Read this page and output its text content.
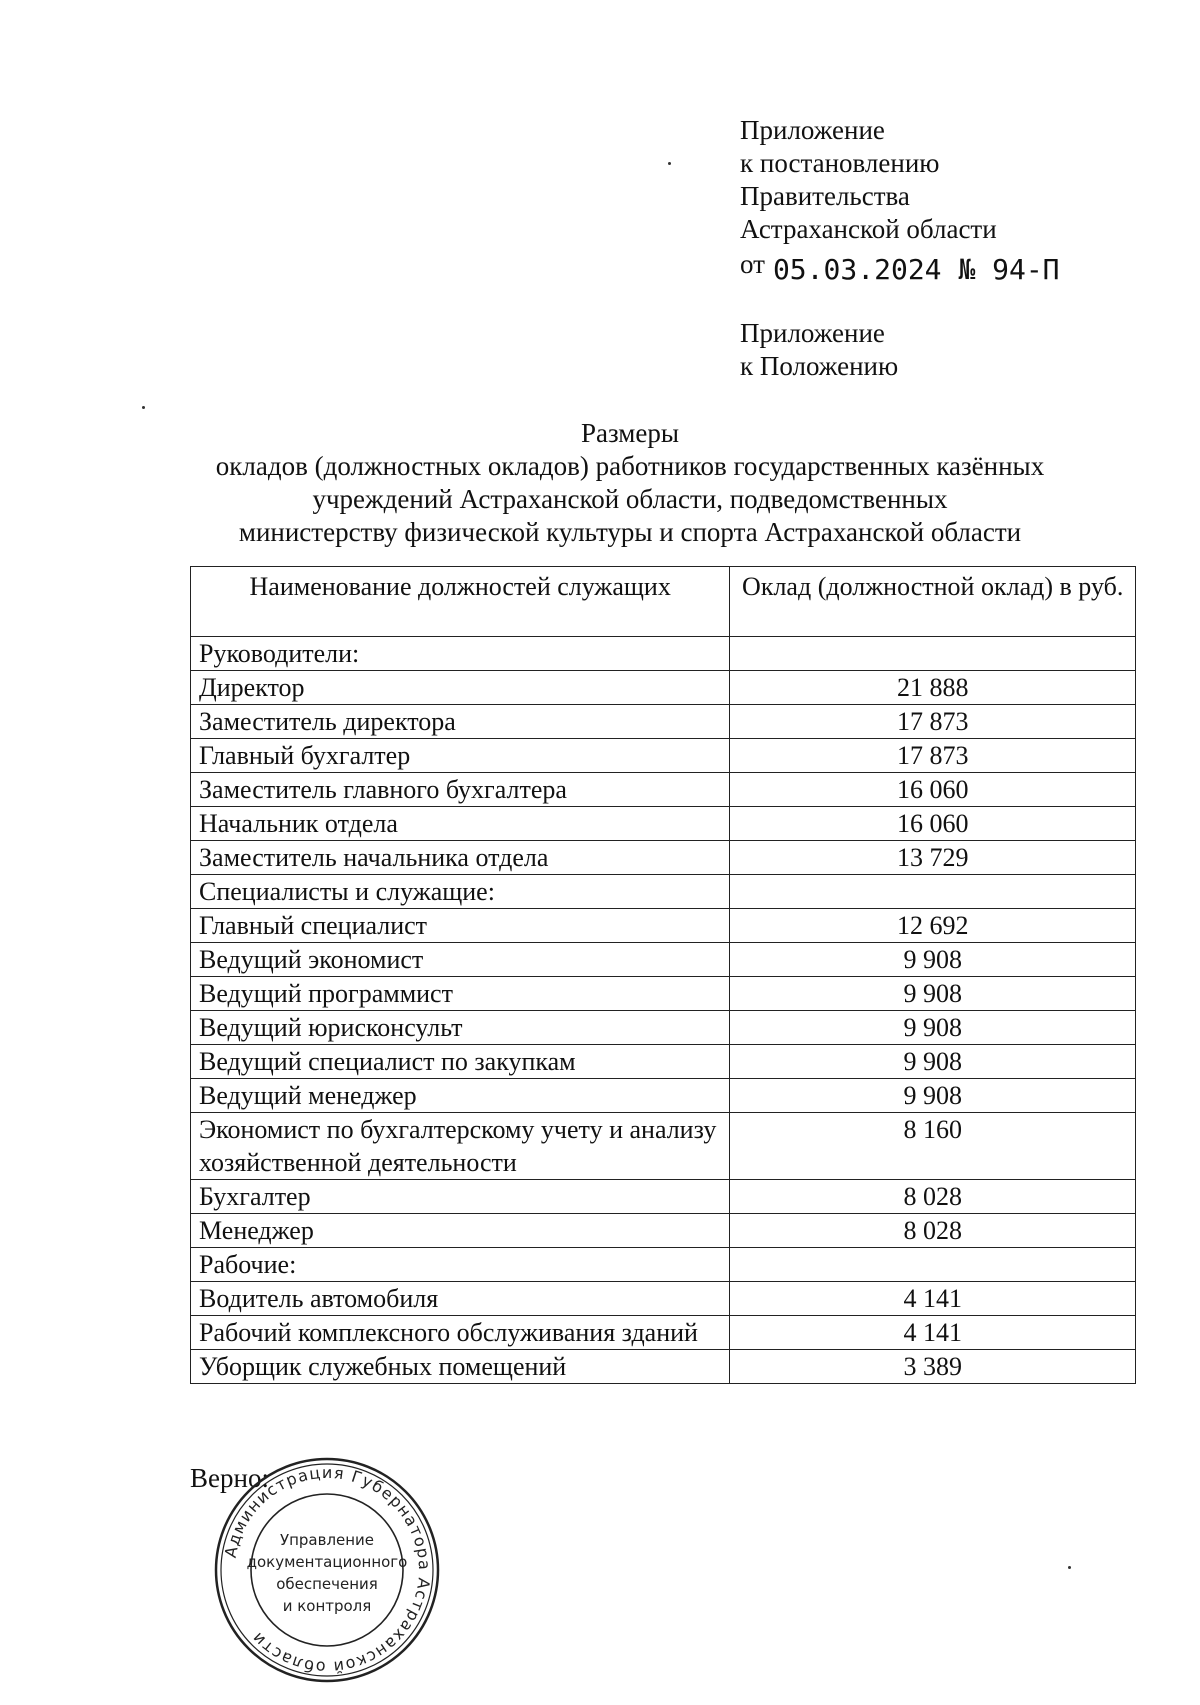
Приложение
к постановлению
Правительства
Астраханской области
от 05.03.2024 № 94-П
Приложение
к Положению
Размеры
окладов (должностных окладов) работников государственных казённых
учреждений Астраханской области, подведомственных
министерству физической культуры и спорта Астраханской области
Наименование должностей служащих	Оклад (должностной оклад) в руб.
Руководители:	
Директор	21 888
Заместитель директора	17 873
Главный бухгалтер	17 873
Заместитель главного бухгалтера	16 060
Начальник отдела	16 060
Заместитель начальника отдела	13 729
Специалисты и служащие:	
Главный специалист	12 692
Ведущий экономист	9 908
Ведущий программист	9 908
Ведущий юрисконсульт	9 908
Ведущий специалист по закупкам	9 908
Ведущий менеджер	9 908
Экономист по бухгалтерскому учету и анализу хозяйственной деятельности	8 160
Бухгалтер	8 028
Менеджер	8 028
Рабочие:	
Водитель автомобиля	4 141
Рабочий комплексного обслуживания зданий	4 141
Уборщик служебных помещений	3 389
Верно:
Администрация Губернатора Астраханской области
Управление
документационного
обеспечения
и контроля
